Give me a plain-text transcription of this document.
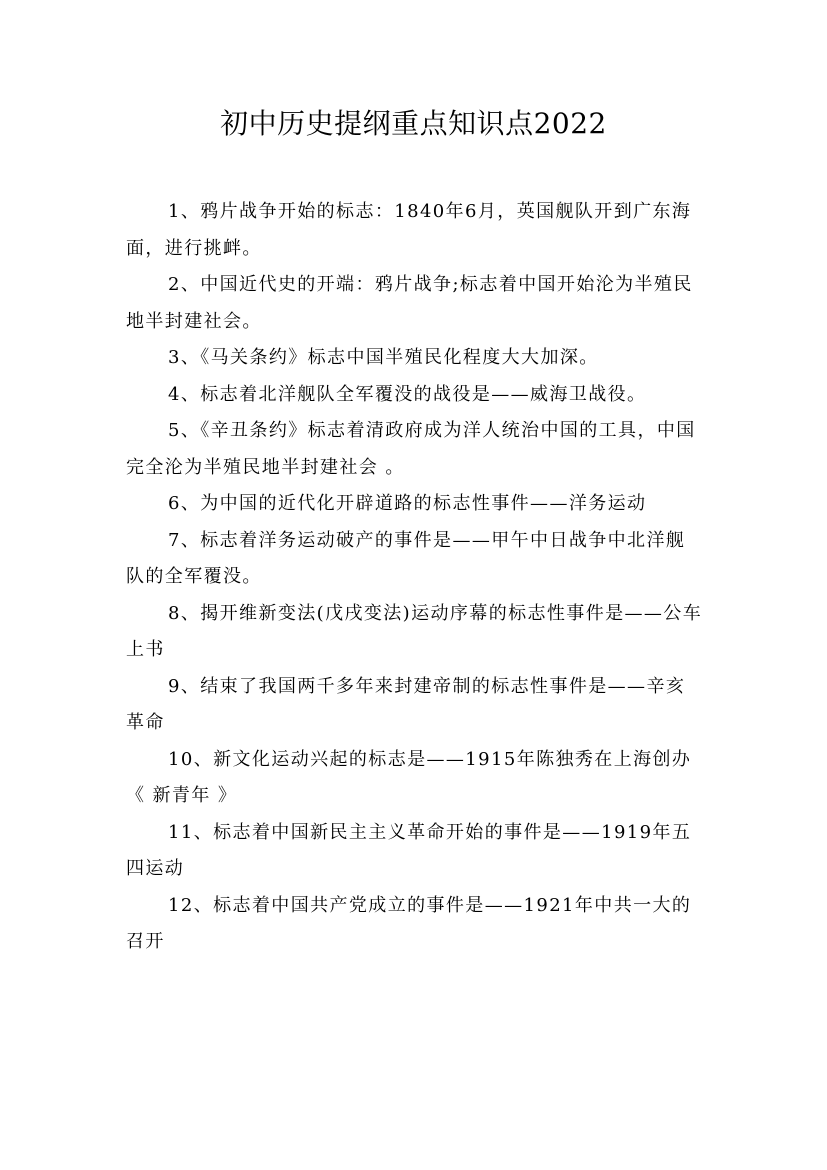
初中历史提纲重点知识点2022

1、鸦片战争开始的标志：1840年6月，英国舰队开到广东海面，进行挑衅。

2、中国近代史的开端：鸦片战争;标志着中国开始沦为半殖民地半封建社会。

3、《马关条约》标志中国半殖民化程度大大加深。

4、标志着北洋舰队全军覆没的战役是——威海卫战役。

5、《辛丑条约》标志着清政府成为洋人统治中国的工具，中国完全沦为半殖民地半封建社会 。

6、为中国的近代化开辟道路的标志性事件——洋务运动

7、标志着洋务运动破产的事件是——甲午中日战争中北洋舰队的全军覆没。

8、揭开维新变法(戊戌变法)运动序幕的标志性事件是——公车上书

9、结束了我国两千多年来封建帝制的标志性事件是——辛亥革命

10、新文化运动兴起的标志是——1915年陈独秀在上海创办《 新青年 》

11、标志着中国新民主主义革命开始的事件是——1919年五四运动

12、标志着中国共产党成立的事件是——1921年中共一大的召开
